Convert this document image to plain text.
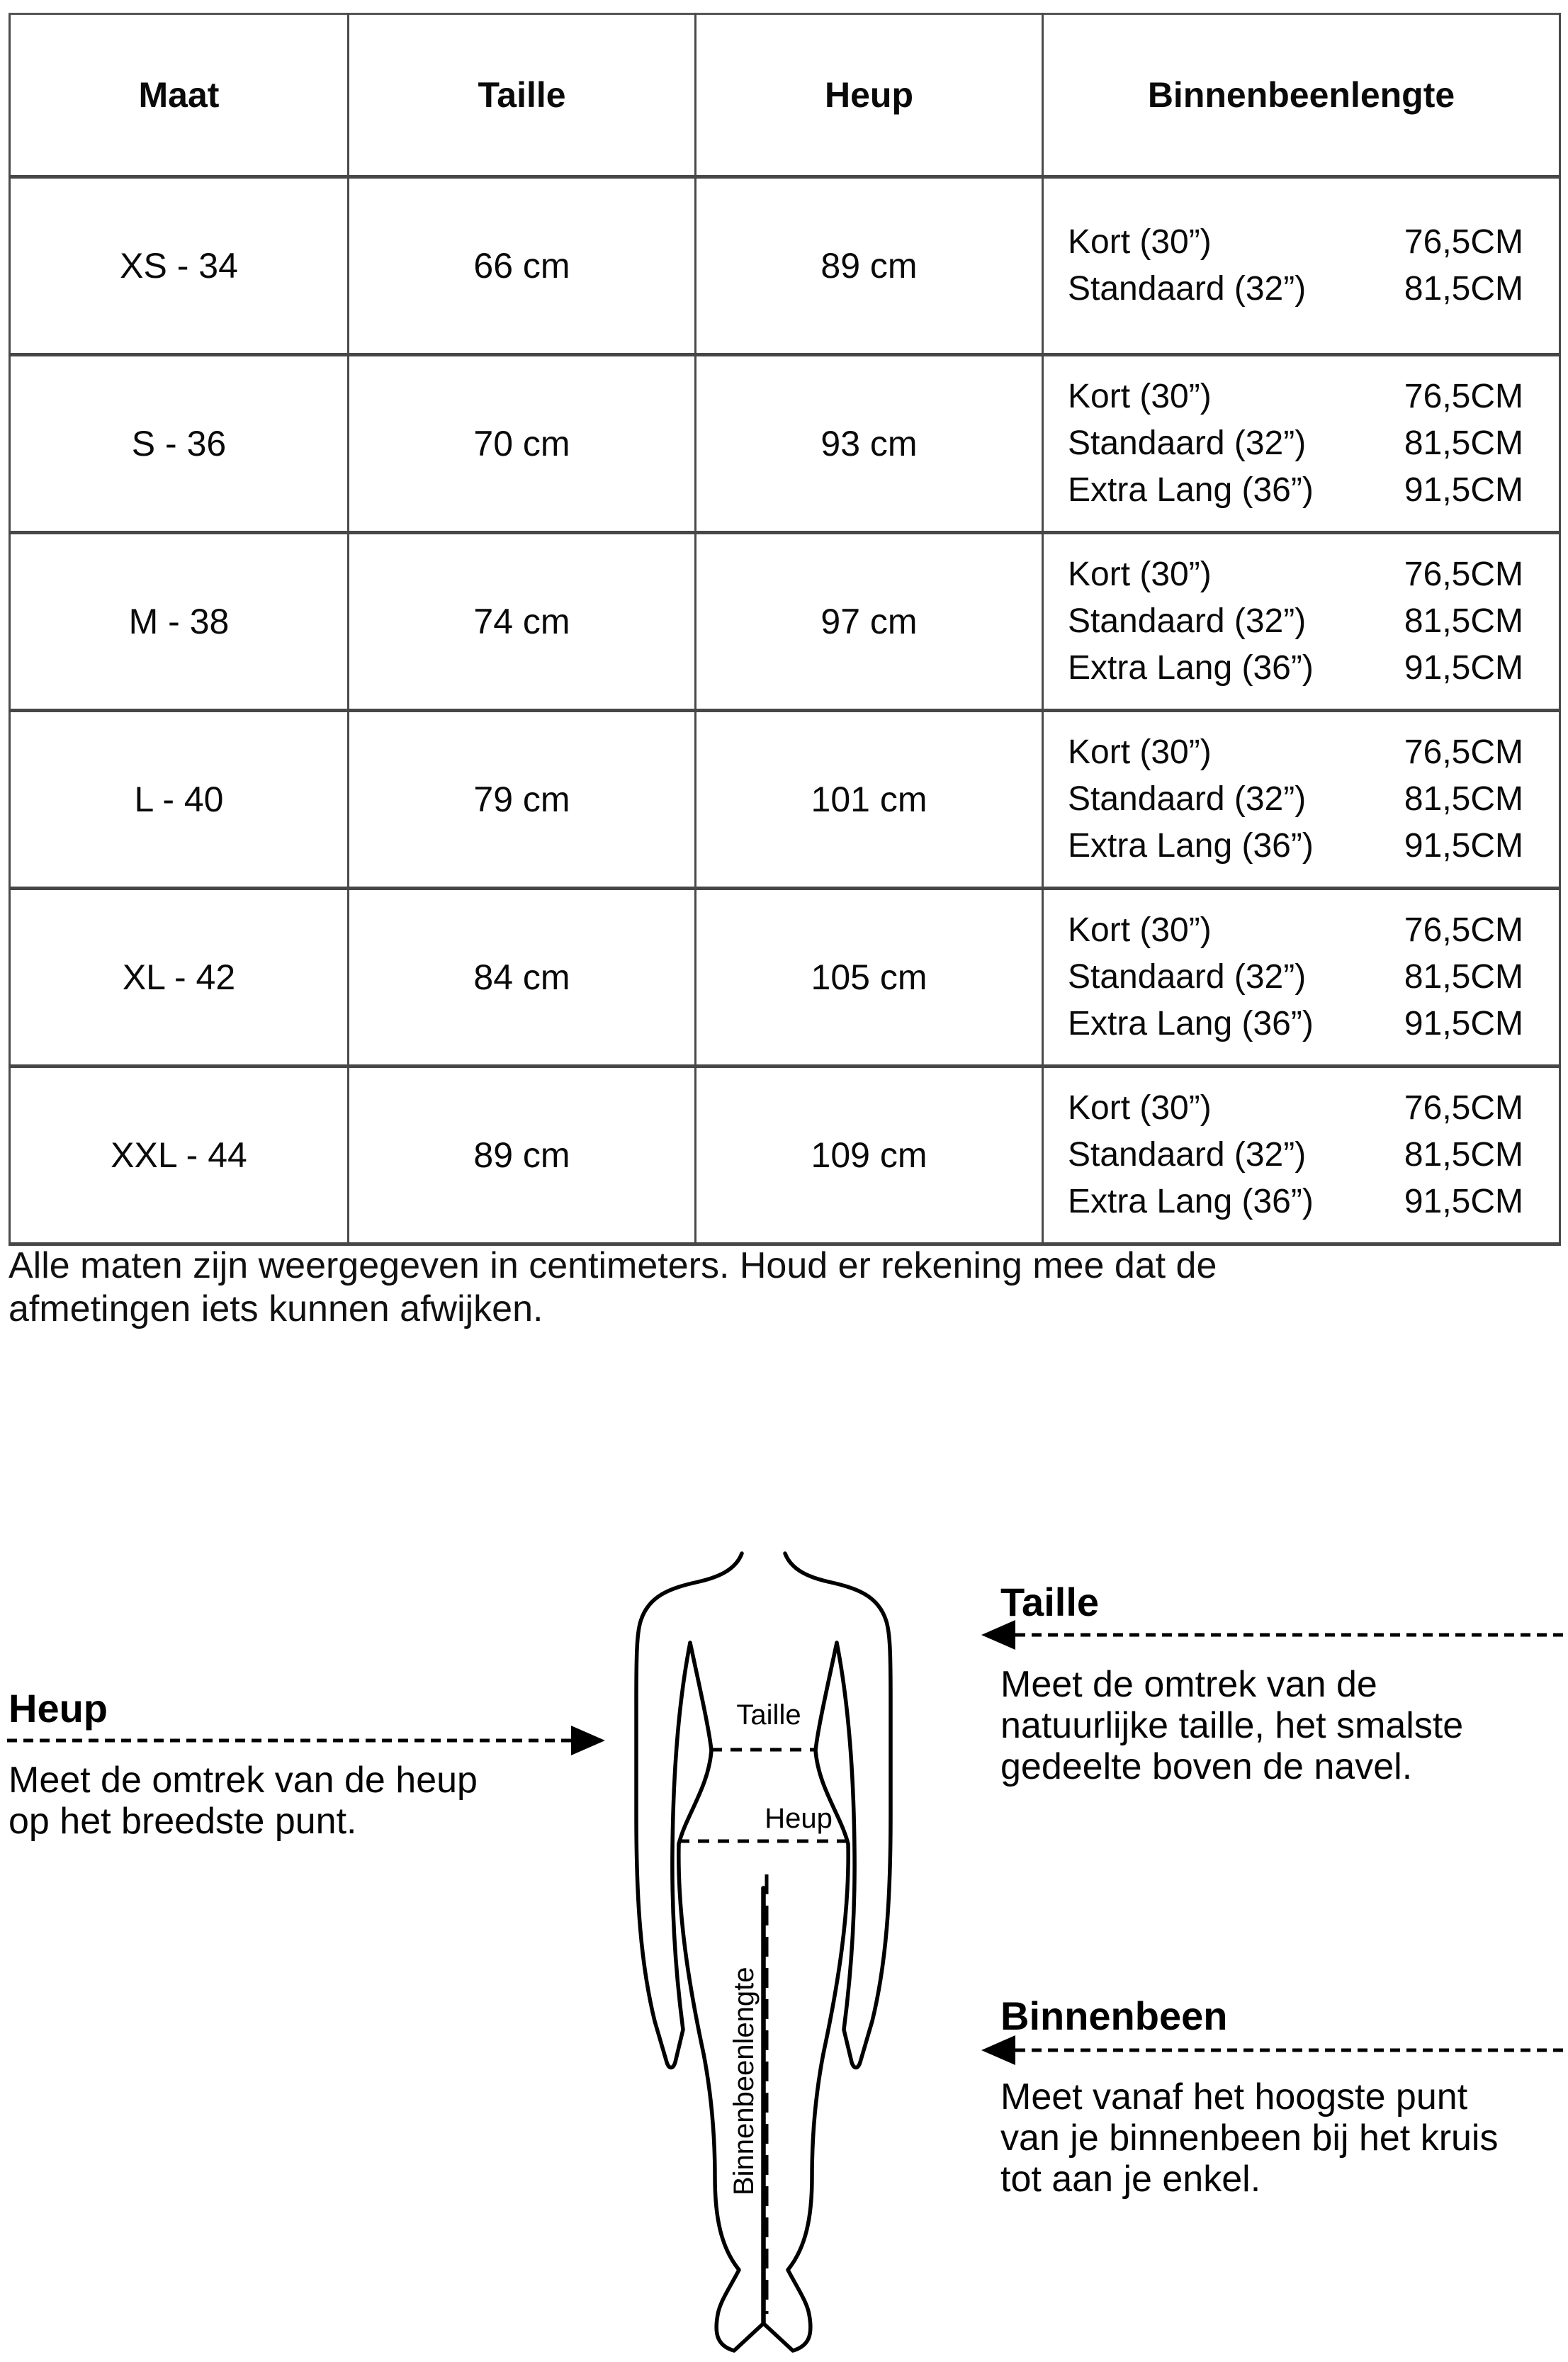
Maat	Taille	Heup	Binnenbeenlengte
XS - 34	66 cm	89 cm	Kort (30”) 76,5CM
Standaard (32”) 81,5CM

S - 36	70 cm	93 cm	
Kort (30”)	76,5CM
Standaard (32”)	81,5CM
Extra Lang (36”)	91,5CM

M - 38	74 cm	97 cm	
Kort (30”)	76,5CM
Standaard (32”)	81,5CM
Extra Lang (36”)	91,5CM

L - 40	79 cm	101 cm	
Kort (30”)	76,5CM
Standaard (32”)	81,5CM
Extra Lang (36”)	91,5CM

XL - 42	84 cm	105 cm	
Kort (30”)	76,5CM
Standaard (32”)	81,5CM
Extra Lang (36”)	91,5CM

XXL - 44	89 cm	109 cm	
Kort (30”)	76,5CM
Standaard (32”)	81,5CM
Extra Lang (36”)	91,5CM
Alle maten zijn weergegeven in centimeters. Houd er rekening mee dat de afmetingen iets kunnen afwijken.
Heup
Meet de omtrek van de heup
op het breedste punt.
Taille
Meet de omtrek van de
natuurlijke taille, het smalste
gedeelte boven de navel.
Binnenbeen
Meet vanaf het hoogste punt
van je binnenbeen bij het kruis
tot aan je enkel.
Taille
Heup
Binnenbeenlengte
